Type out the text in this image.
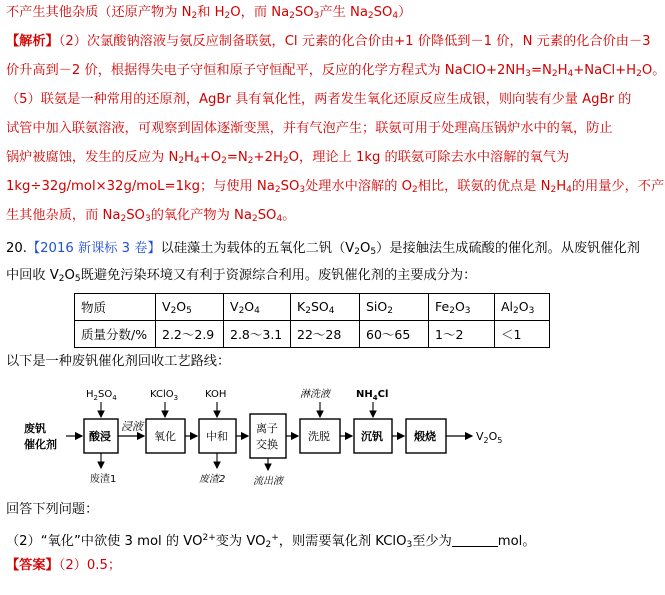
不产生其他杂质（还原产物为 $N_2$和 $H_2O$，而 $Na_2SO_3$产生 $Na_2SO_4$）
【解析】（2）次氯酸钠溶液与氨反应制备联氨，Cl 元素的化合价由+1 价降低到－1 价，N 元素的化合价由－3
价升高到－2 价，根据得失电子守恒和原子守恒配平，反应的化学方程式为 $NaClO+2NH_3=N_2H_4+NaCl+H_2O$。
（5）联氨是一种常用的还原剂，AgBr 具有氧化性，两者发生氧化还原反应生成银，则向装有少量 AgBr 的
试管中加入联氨溶液，可观察到固体逐渐变黑，并有气泡产生；联氨可用于处理高压锅炉水中的氧，防止
锅炉被腐蚀，发生的反应为 $N_2H_4+O_2=N_2+2H_2O$，理论上 1kg 的联氨可除去水中溶解的氧气为
1kg÷32g/mol×32g/moL=1kg；与使用 $Na_2SO_3$处理水中溶解的 $O_2$相比，联氨的优点是 $N_2H_4$的用量少，不产
生其他杂质，而 $Na_2SO_3$的氧化产物为 $Na_2SO_4$。
20.【2016 新课标 3 卷】以硅藻土为载体的五氧化二钒$(V_2O_5)$是接触法生成硫酸的催化剂。从废钒催化剂
中回收 $V_2O_5$既避免污染环境又有利于资源综合利用。废钒催化剂的主要成分为：
物质	$V_2O_5$	$V_2O_4$	$K_2SO_4$	SiO$_2$	$Fe_2O_3$	$Al_2O_3$
质量分数/%	2.2～2.9	2.8～3.1	22～28	60～65	1～2	＜1
以下是一种废钒催化剂回收工艺路线：
废钒
催化剂
酸浸	氧化	中和
离子
交换
洗脱	沉钒	煅烧
浸液
$H_2SO_4$	KClO$_3$	KOH	淋洗液	$NH_4Cl$
废渣1	废渣2	流出液
$V_2O_5$
回答下列问题：
（2）“氧化”中欲使 3 mol 的 $VO^{2+}$变为 $VO_2^+$，则需要氧化剂 KClO$_3$至少为	mol。
【答案】（2）0.5；
